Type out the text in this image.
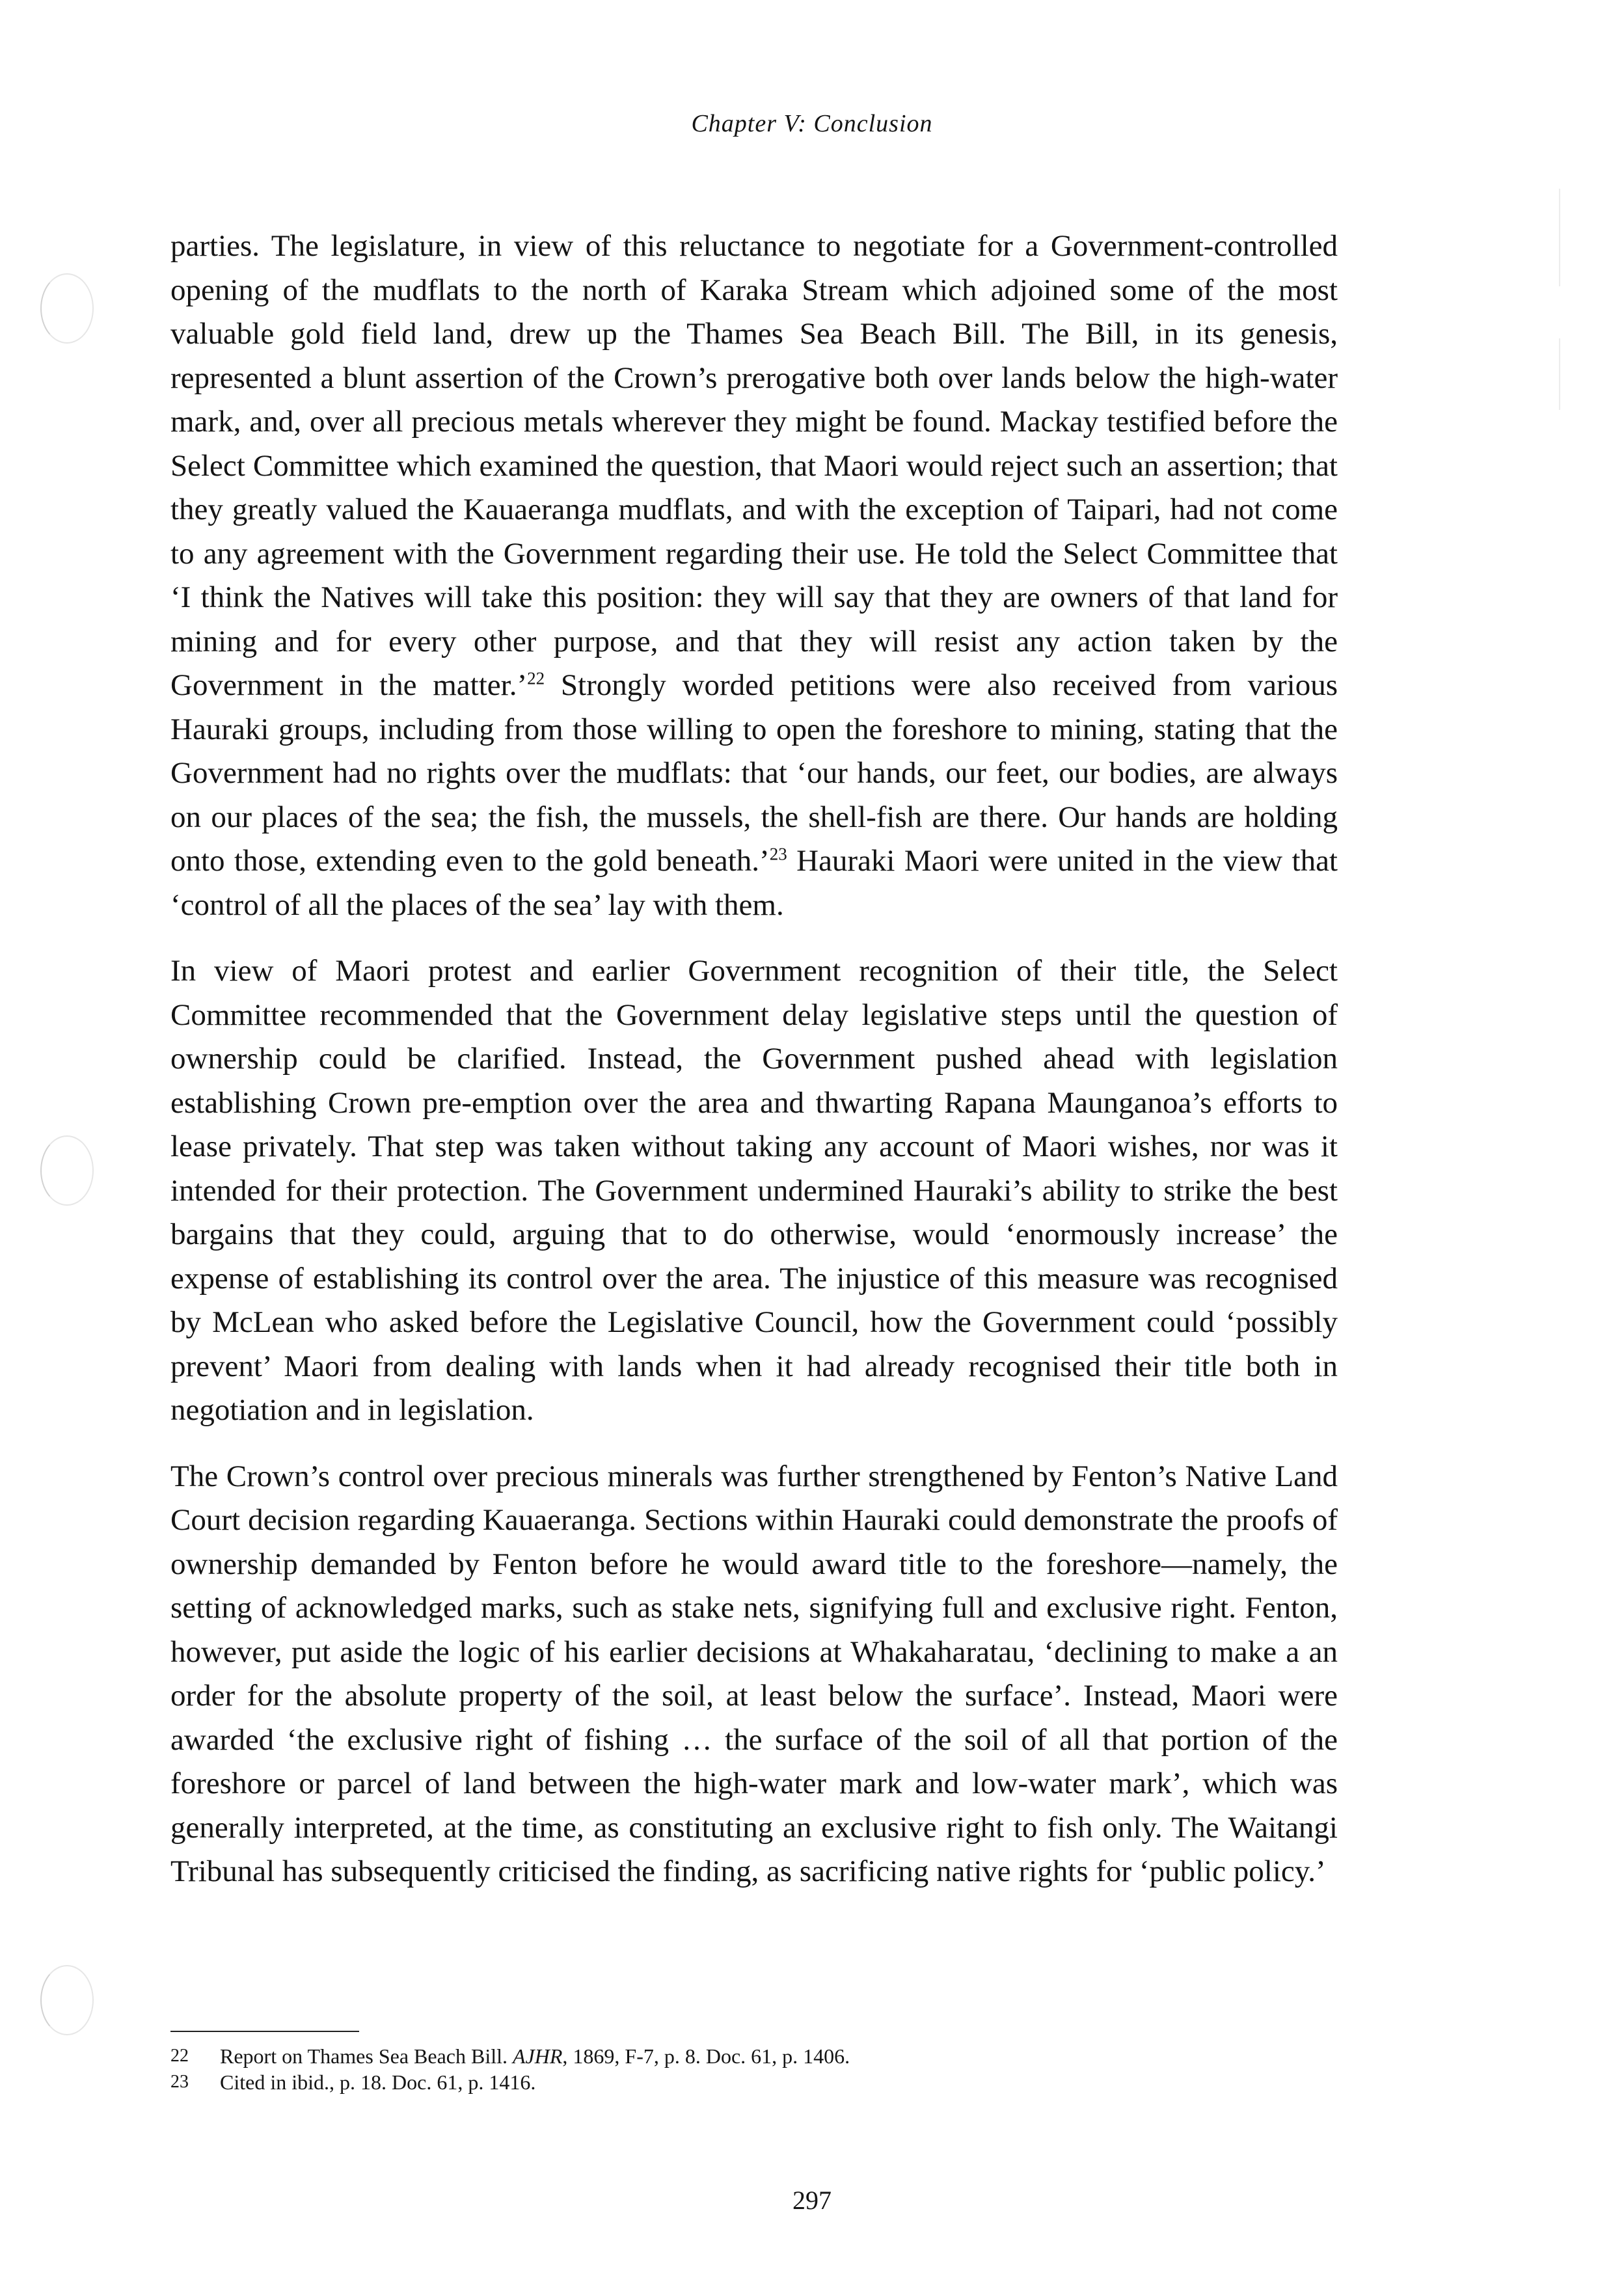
Chapter V: Conclusion

parties. The legislature, in view of this reluctance to negotiate for a Government-controlled opening of the mudflats to the north of Karaka Stream which adjoined some of the most valuable gold field land, drew up the Thames Sea Beach Bill. The Bill, in its genesis, represented a blunt assertion of the Crown’s prerogative both over lands below the high-water mark, and, over all precious metals wherever they might be found. Mackay testified before the Select Committee which examined the question, that Maori would reject such an assertion; that they greatly valued the Kauaeranga mudflats, and with the exception of Taipari, had not come to any agreement with the Government regarding their use. He told the Select Committee that ‘I think the Natives will take this position: they will say that they are owners of that land for mining and for every other purpose, and that they will resist any action taken by the Government in the matter.’$^{22}$ Strongly worded petitions were also received from various Hauraki groups, including from those willing to open the foreshore to mining, stating that the Government had no rights over the mudflats: that ‘our hands, our feet, our bodies, are always on our places of the sea; the fish, the mussels, the shell-fish are there. Our hands are holding onto those, extending even to the gold beneath.’$^{23}$ Hauraki Maori were united in the view that ‘control of all the places of the sea’ lay with them.

In view of Maori protest and earlier Government recognition of their title, the Select Committee recommended that the Government delay legislative steps until the question of ownership could be clarified. Instead, the Government pushed ahead with legislation establishing Crown pre-emption over the area and thwarting Rapana Maunganoa’s efforts to lease privately. That step was taken without taking any account of Maori wishes, nor was it intended for their protection. The Government undermined Hauraki’s ability to strike the best bargains that they could, arguing that to do otherwise, would ‘enormously increase’ the expense of establishing its control over the area. The injustice of this measure was recognised by McLean who asked before the Legislative Council, how the Government could ‘possibly prevent’ Maori from dealing with lands when it had already recognised their title both in negotiation and in legislation.

The Crown’s control over precious minerals was further strengthened by Fenton’s Native Land Court decision regarding Kauaeranga. Sections within Hauraki could demonstrate the proofs of ownership demanded by Fenton before he would award title to the foreshore—namely, the setting of acknowledged marks, such as stake nets, signifying full and exclusive right. Fenton, however, put aside the logic of his earlier decisions at Whakaharatau, ‘declining to make a an order for the absolute property of the soil, at least below the surface’. Instead, Maori were awarded ‘the exclusive right of fishing … the surface of the soil of all that portion of the foreshore or parcel of land between the high-water mark and low-water mark’, which was generally interpreted, at the time, as constituting an exclusive right to fish only. The Waitangi Tribunal has subsequently criticised the finding, as sacrificing native rights for ‘public policy.’

22	Report on Thames Sea Beach Bill. AJHR, 1869, F-7, p. 8. Doc. 61, p. 1406.
23	Cited in ibid., p. 18. Doc. 61, p. 1416.
297
